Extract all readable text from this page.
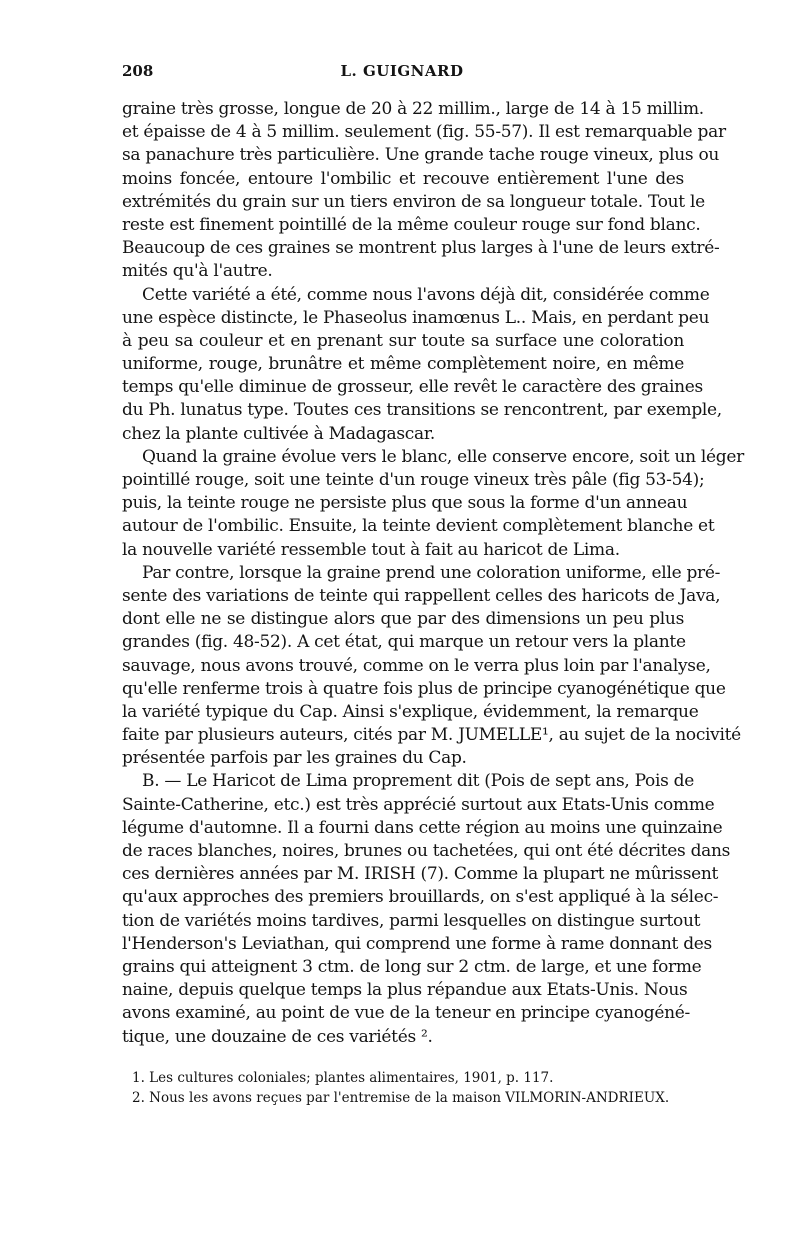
208	L. GUIGNARD
graine très grosse, longue de 20 à 22 millim., large de 14 à 15 millim.
et épaisse de 4 à 5 millim. seulement (fig. 55-57). Il est remarquable par
sa panachure très particulière. Une grande tache rouge vineux, plus ou
moins foncée, entoure l'ombilic et recouve entièrement l'une des
extrémités du grain sur un tiers environ de sa longueur totale. Tout le
reste est finement pointillé de la même couleur rouge sur fond blanc.
Beaucoup de ces graines se montrent plus larges à l'une de leurs extré-
mités qu'à l'autre.
Cette variété a été, comme nous l'avons déjà dit, considérée comme
une espèce distincte, le Phaseolus inamœnus L.. Mais, en perdant peu
à peu sa couleur et en prenant sur toute sa surface une coloration
uniforme, rouge, brunâtre et même complètement noire, en même
temps qu'elle diminue de grosseur, elle revêt le caractère des graines
du Ph. lunatus type. Toutes ces transitions se rencontrent, par exemple,
chez la plante cultivée à Madagascar.
Quand la graine évolue vers le blanc, elle conserve encore, soit un léger
pointillé rouge, soit une teinte d'un rouge vineux très pâle (fig 53-54);
puis, la teinte rouge ne persiste plus que sous la forme d'un anneau
autour de l'ombilic. Ensuite, la teinte devient complètement blanche et
la nouvelle variété ressemble tout à fait au haricot de Lima.
Par contre, lorsque la graine prend une coloration uniforme, elle pré-
sente des variations de teinte qui rappellent celles des haricots de Java,
dont elle ne se distingue alors que par des dimensions un peu plus
grandes (fig. 48-52). A cet état, qui marque un retour vers la plante
sauvage, nous avons trouvé, comme on le verra plus loin par l'analyse,
qu'elle renferme trois à quatre fois plus de principe cyanogénétique que
la variété typique du Cap. Ainsi s'explique, évidemment, la remarque
faite par plusieurs auteurs, cités par M. JUMELLE¹, au sujet de la nocivité
présentée parfois par les graines du Cap.
B. — Le Haricot de Lima proprement dit (Pois de sept ans, Pois de
Sainte-Catherine, etc.) est très apprécié surtout aux Etats-Unis comme
légume d'automne. Il a fourni dans cette région au moins une quinzaine
de races blanches, noires, brunes ou tachetées, qui ont été décrites dans
ces dernières années par M. IRISH (7). Comme la plupart ne mûrissent
qu'aux approches des premiers brouillards, on s'est appliqué à la sélec-
tion de variétés moins tardives, parmi lesquelles on distingue surtout
l'Henderson's Leviathan, qui comprend une forme à rame donnant des
grains qui atteignent 3 ctm. de long sur 2 ctm. de large, et une forme
naine, depuis quelque temps la plus répandue aux Etats-Unis. Nous
avons examiné, au point de vue de la teneur en principe cyanogéné-
tique, une douzaine de ces variétés ².
1. Les cultures coloniales; plantes alimentaires, 1901, p. 117.
2. Nous les avons reçues par l'entremise de la maison VILMORIN-ANDRIEUX.
